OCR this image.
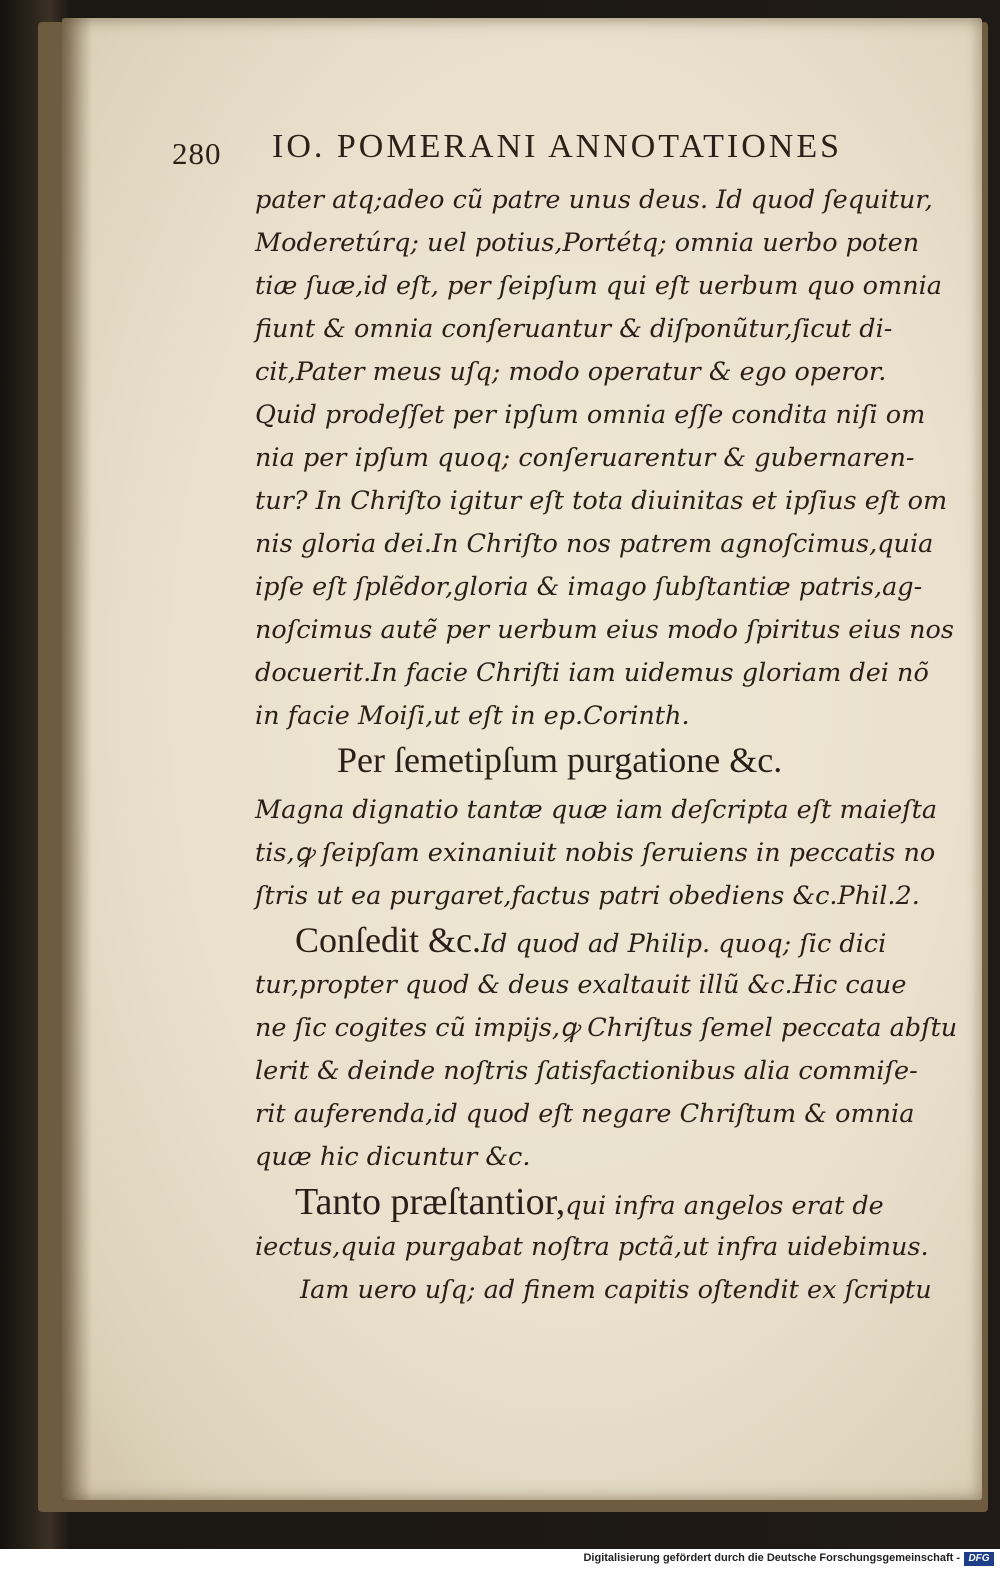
280 IO. POMERANI ANNOTATIONES
pater atq;adeo cũ patre unus deus. Id quod ſequitur,
Moderetúrq; uel potius,Portétq; omnia uerbo poten
tiæ ſuæ,id eſt, per ſeipſum qui eſt uerbum quo omnia
fiunt & omnia conſeruantur & diſponũtur,ſicut di-
cit,Pater meus uſq; modo operatur & ego operor.
Quid prodeſſet per ipſum omnia eſſe condita niſi om
nia per ipſum quoq; conſeruarentur & gubernaren-
tur? In Chriſto igitur eſt tota diuinitas et ipſius eſt om
nis gloria dei.In Chriſto nos patrem agnoſcimus,quia
ipſe eſt ſplẽdor,gloria & imago ſubſtantiæ patris,ag-
noſcimus autẽ per uerbum eius modo ſpiritus eius nos
docuerit.In facie Chriſti iam uidemus gloriam dei nõ
in facie Moiſi,ut eſt in ep.Corinth.
Per ſemetipſum purgatione &c.
Magna dignatio tantæ quæ iam deſcripta eſt maieſta
tis,ꝙ ſeipſam exinaniuit nobis ſeruiens in peccatis no
ſtris ut ea purgaret,factus patri obediens &c.Phil.2.
Conſedit &c.Id quod ad Philip. quoq; ſic dici
tur,propter quod & deus exaltauit illũ &c.Hic caue
ne ſic cogites cũ impijs,ꝙ Chriſtus ſemel peccata abſtu
lerit & deinde noſtris ſatisfactionibus alia commiſe-
rit auferenda,id quod eſt negare Chriſtum & omnia
quæ hic dicuntur &c.
Tanto præſtantior,qui infra angelos erat de
iectus,quia purgabat noſtra pctã,ut infra uidebimus.
Iam uero uſq; ad finem capitis oſtendit ex ſcriptu
Digitalisierung gefördert durch die Deutsche Forschungsgemeinschaft - DFG
